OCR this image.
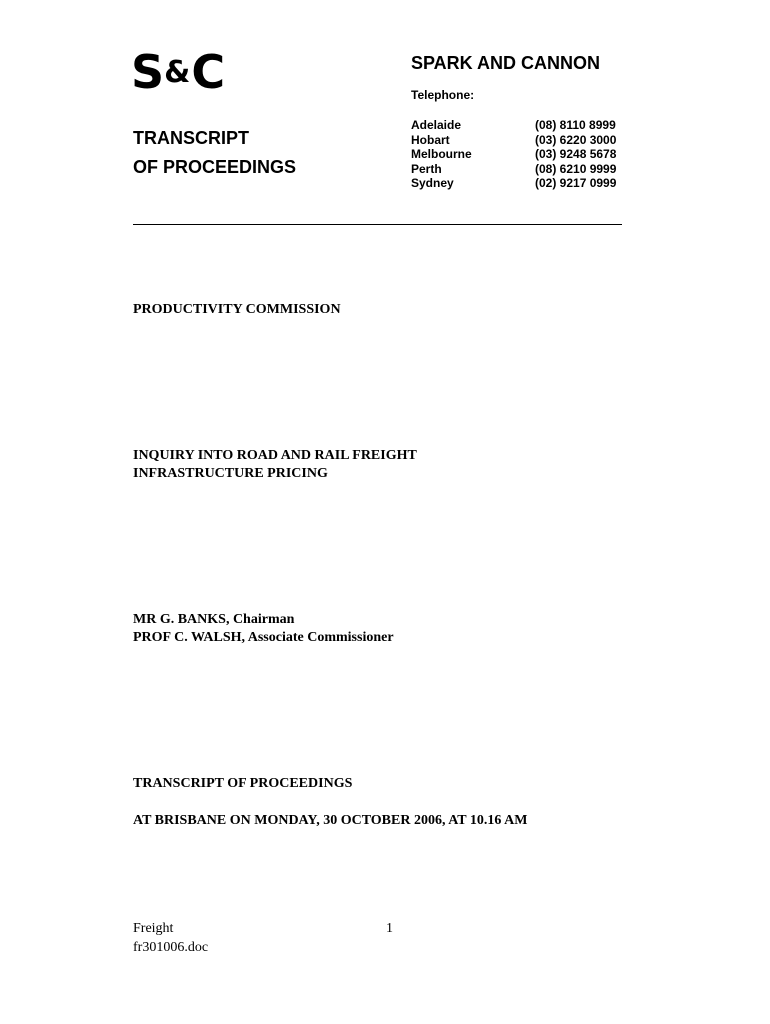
S&C
TRANSCRIPT
OF PROCEEDINGS
SPARK AND CANNON
Telephone:
Adelaide	(08) 8110 8999
Hobart	(03) 6220 3000
Melbourne	(03) 9248 5678
Perth	(08) 6210 9999
Sydney	(02) 9217 0999
PRODUCTIVITY COMMISSION
INQUIRY INTO ROAD AND RAIL FREIGHT
INFRASTRUCTURE PRICING
MR G. BANKS, Chairman
PROF C. WALSH, Associate Commissioner
TRANSCRIPT OF PROCEEDINGS
AT BRISBANE ON MONDAY, 30 OCTOBER 2006, AT 10.16 AM
Freight
fr301006.doc
1
